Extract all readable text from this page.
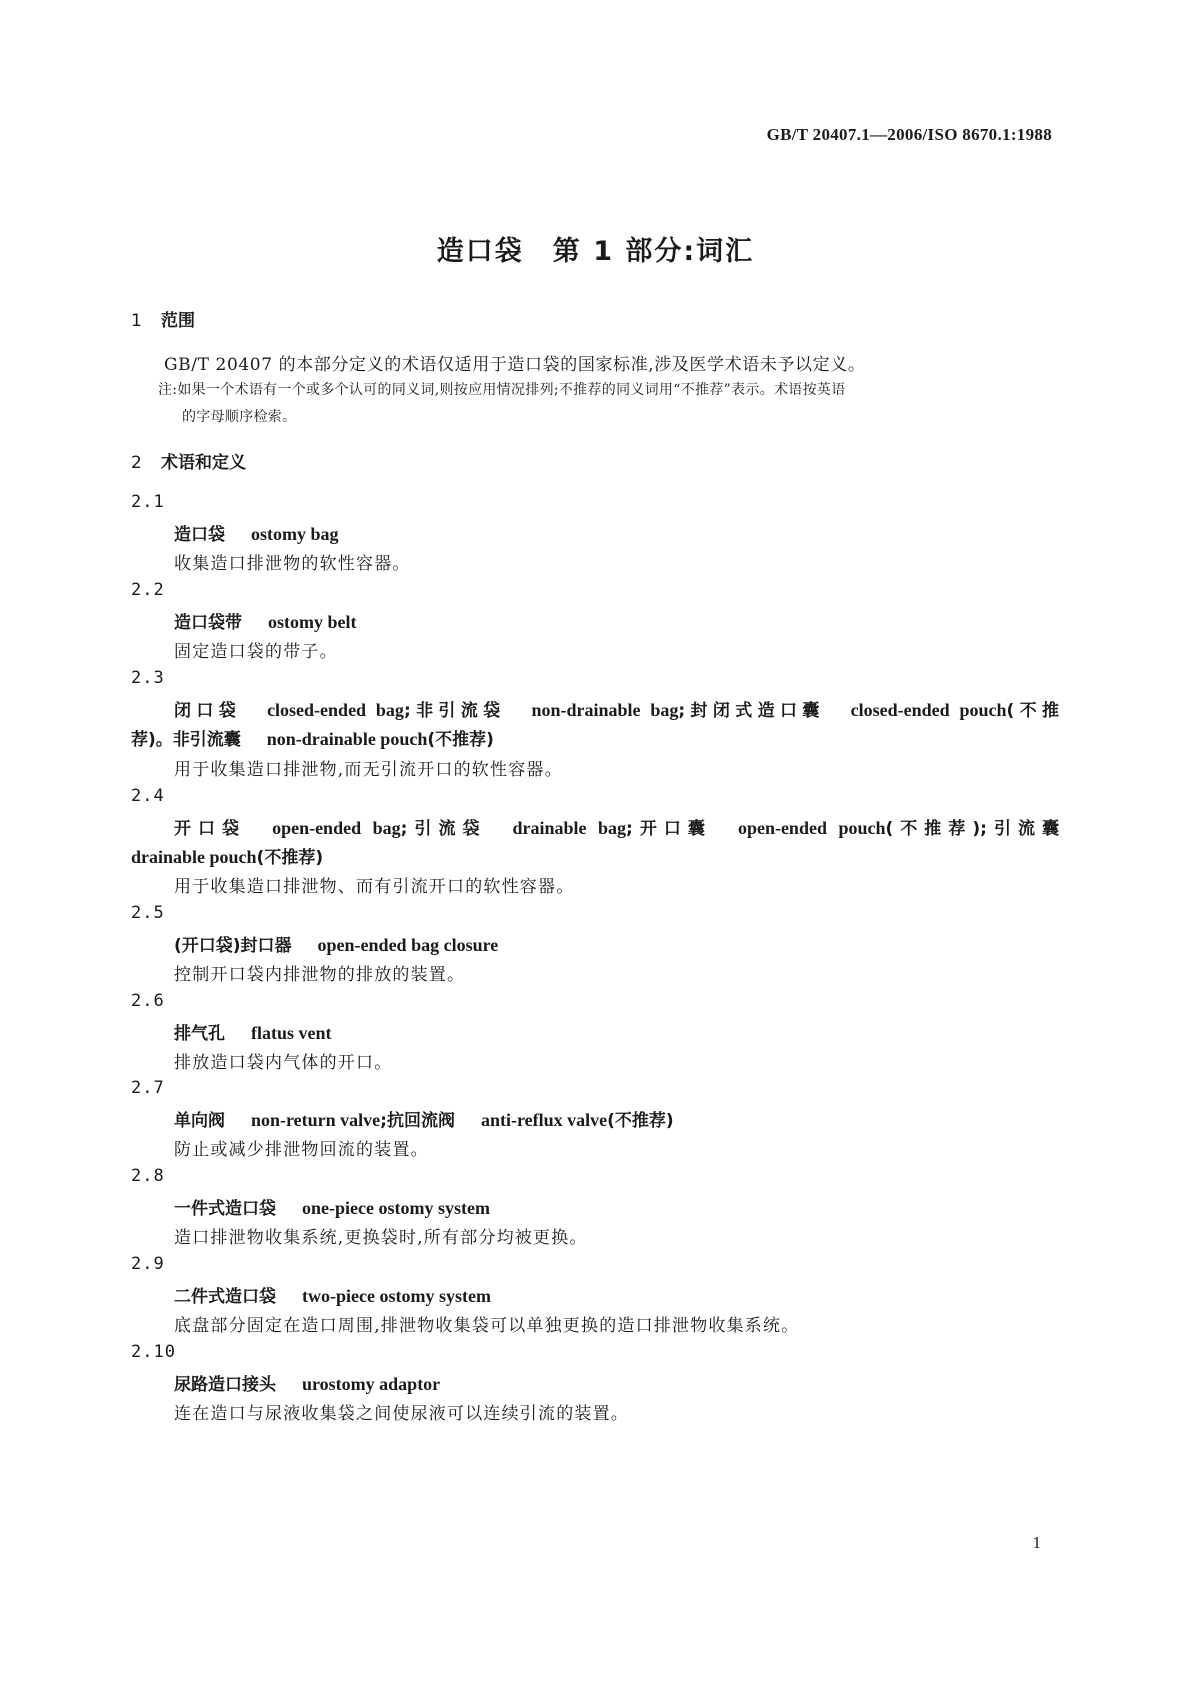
GB/T 20407.1—2006/ISO 8670.1:1988
造口袋　第 1 部分:词汇
1 范围
GB/T 20407 的本部分定义的术语仅适用于造口袋的国家标准,涉及医学术语未予以定义。
注:如果一个术语有一个或多个认可的同义词,则按应用情况排列;不推荐的同义词用“不推荐”表示。术语按英语
的字母顺序检索。
2 术语和定义
2.1
造口袋 ostomy bag
收集造口排泄物的软性容器。
2.2
造口袋带 ostomy belt
固定造口袋的带子。
2.3
闭口袋 closed-ended bag;非引流袋 non-drainable bag;封闭式造口囊 closed-ended pouch(不推
荐)。非引流囊 non-drainable pouch(不推荐)
用于收集造口排泄物,而无引流开口的软性容器。
2.4
开口袋 open-ended bag;引流袋 drainable bag;开口囊 open-ended pouch(不推荐);引流囊
drainable pouch(不推荐)
用于收集造口排泄物、而有引流开口的软性容器。
2.5
(开口袋)封口器 open-ended bag closure
控制开口袋内排泄物的排放的装置。
2.6
排气孔 flatus vent
排放造口袋内气体的开口。
2.7
单向阀 non-return valve;抗回流阀 anti-reflux valve(不推荐)
防止或减少排泄物回流的装置。
2.8
一件式造口袋 one-piece ostomy system
造口排泄物收集系统,更换袋时,所有部分均被更换。
2.9
二件式造口袋 two-piece ostomy system
底盘部分固定在造口周围,排泄物收集袋可以单独更换的造口排泄物收集系统。
2.10
尿路造口接头 urostomy adaptor
连在造口与尿液收集袋之间使尿液可以连续引流的装置。
1
